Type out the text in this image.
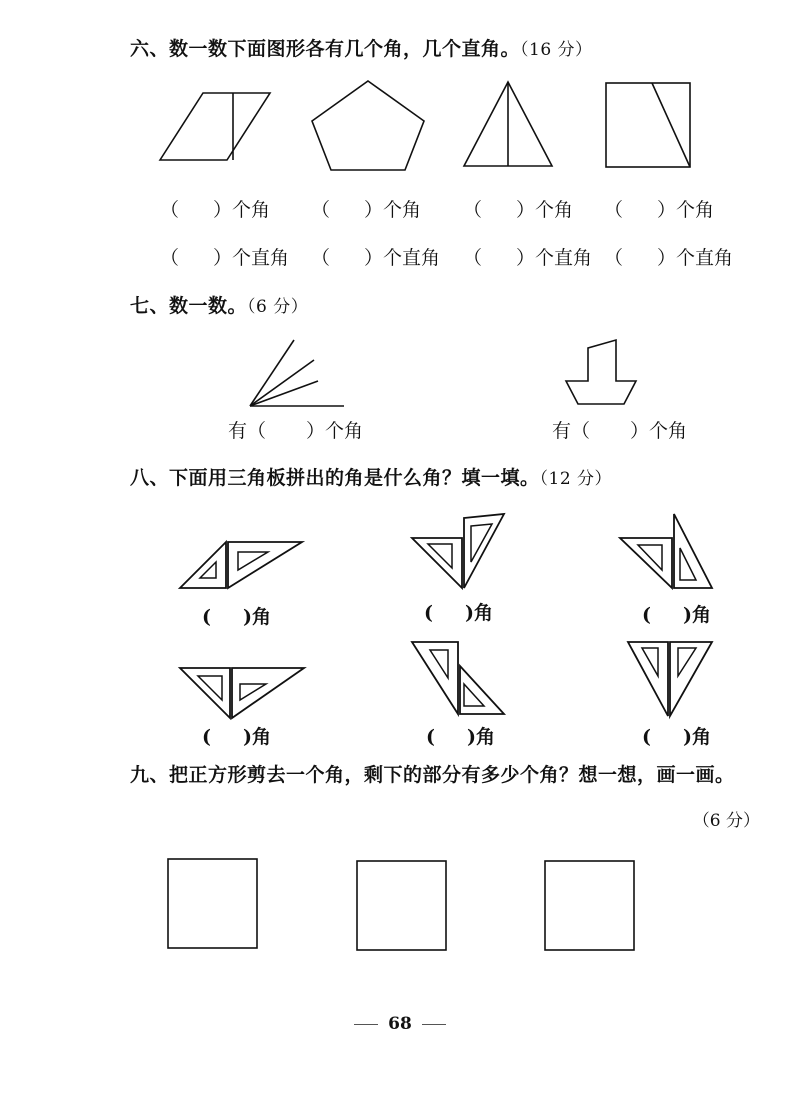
六、数一数下面图形各有几个角，几个直角。（16 分）
（ ）个角 （ ）个角 （ ）个角 （ ）个角
（ ）个直角 （ ）个直角 （ ）个直角 （ ）个直角
七、数一数。（6 分）
有（ ）个角	有（ ）个角
八、下面用三角板拼出的角是什么角？填一填。（12 分）
( )角	( )角	( )角
( )角	( )角	( )角
九、把正方形剪去一个角，剩下的部分有多少个角？想一想，画一画。
（6 分）
68
